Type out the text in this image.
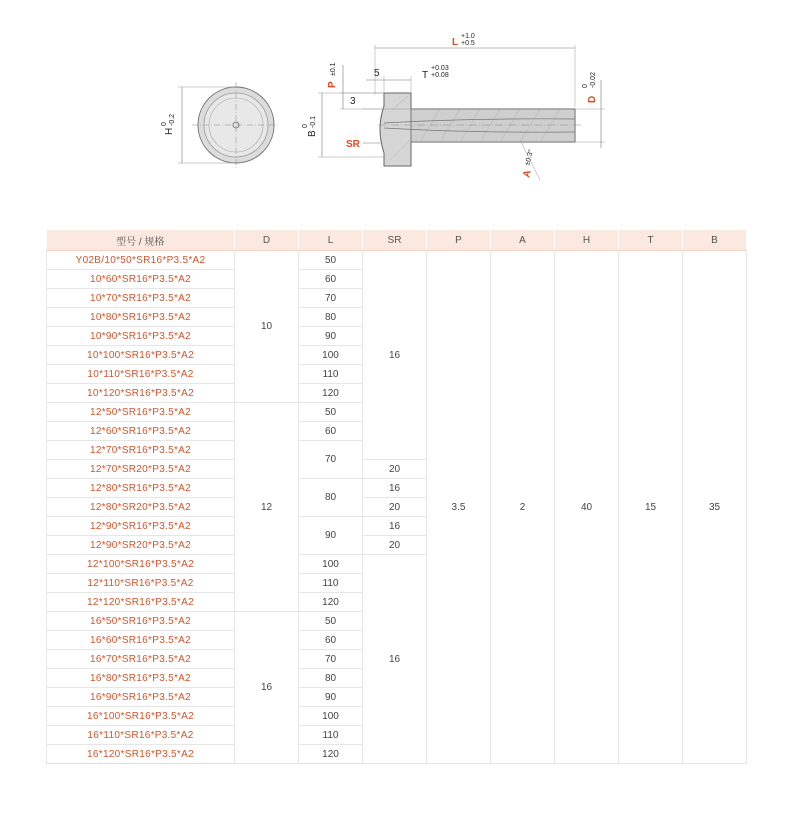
H
0 -0.2
L
+1.0
+0.5
5	T
+0.03
+0.08
P
±0.1
3
B
0 -0.1
SR
D
0 -0.02
A
±0.3°
型号 / 规格	D	L	SR	P	A	H	T	B
Y02B/10*50*SR16*P3.5*A2	10	50	16	3.5	2	40	15	35
10*60*SR16*P3.5*A2		60						
10*70*SR16*P3.5*A2		70						
10*80*SR16*P3.5*A2		80						
10*90*SR16*P3.5*A2		90						
10*100*SR16*P3.5*A2		100						
10*110*SR16*P3.5*A2		110						
10*120*SR16*P3.5*A2		120						
12*50*SR16*P3.5*A2	12	50						
12*60*SR16*P3.5*A2		60						
12*70*SR16*P3.5*A2		70						
12*70*SR20*P3.5*A2			20					
12*80*SR16*P3.5*A2		80	16					
12*80*SR20*P3.5*A2			20					
12*90*SR16*P3.5*A2		90	16					
12*90*SR20*P3.5*A2			20					
12*100*SR16*P3.5*A2		100	16					
12*110*SR16*P3.5*A2		110						
12*120*SR16*P3.5*A2		120						
16*50*SR16*P3.5*A2	16	50						
16*60*SR16*P3.5*A2		60						
16*70*SR16*P3.5*A2		70						
16*80*SR16*P3.5*A2		80						
16*90*SR16*P3.5*A2		90						
16*100*SR16*P3.5*A2		100						
16*110*SR16*P3.5*A2		110						
16*120*SR16*P3.5*A2		120						
